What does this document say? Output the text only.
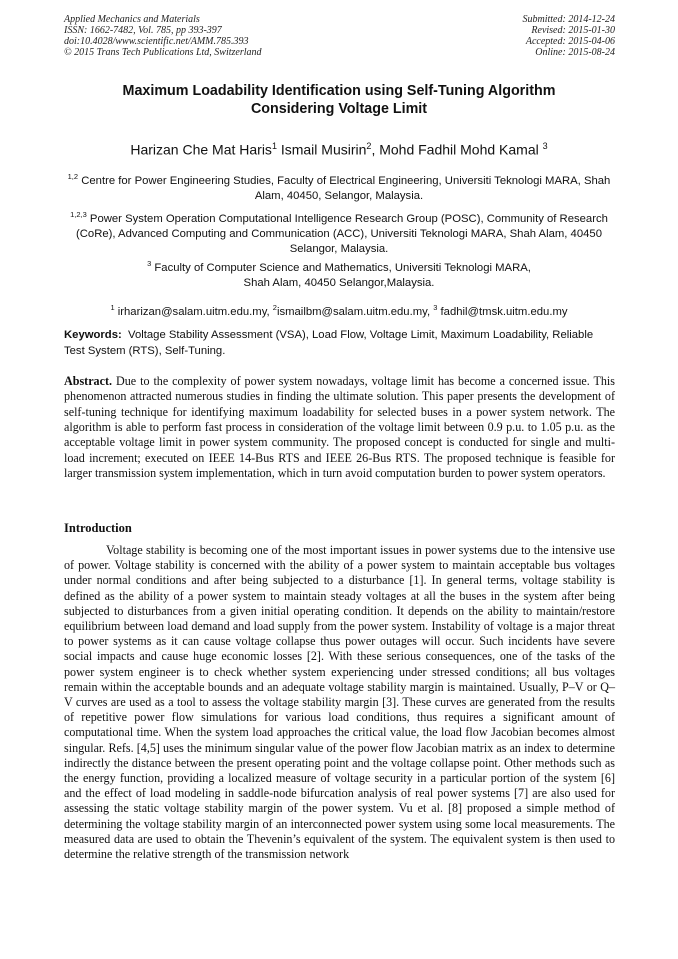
Applied Mechanics and Materials
ISSN: 1662-7482, Vol. 785, pp 393-397
doi:10.4028/www.scientific.net/AMM.785.393
© 2015 Trans Tech Publications Ltd, Switzerland
Submitted: 2014-12-24
Revised: 2015-01-30
Accepted: 2015-04-06
Online: 2015-08-24
Maximum Loadability Identification using Self-Tuning Algorithm
Considering Voltage Limit
Harizan Che Mat Haris$^1$ Ismail Musirin$^2$, Mohd Fadhil Mohd Kamal $^3$
$^{1,2}$ Centre for Power Engineering Studies, Faculty of Electrical Engineering, Universiti Teknologi MARA, Shah Alam, 40450, Selangor, Malaysia.
$^{1,2,3}$ Power System Operation Computational Intelligence Research Group (POSC), Community of Research (CoRe), Advanced Computing and Communication (ACC), Universiti Teknologi MARA, Shah Alam, 40450 Selangor, Malaysia.
$^3$ Faculty of Computer Science and Mathematics, Universiti Teknologi MARA,
Shah Alam, 40450 Selangor,Malaysia.
$^1$ irharizan@salam.uitm.edu.my, $^2$ismailbm@salam.uitm.edu.my, $^3$ fadhil@tmsk.uitm.edu.my
Keywords: Voltage Stability Assessment (VSA), Load Flow, Voltage Limit, Maximum Loadability, Reliable Test System (RTS), Self-Tuning.
Abstract. Due to the complexity of power system nowadays, voltage limit has become a concerned issue. This phenomenon attracted numerous studies in finding the ultimate solution. This paper presents the development of self-tuning technique for identifying maximum loadability for selected buses in a power system network. The algorithm is able to perform fast process in consideration of the voltage limit between 0.9 p.u. to 1.05 p.u. as the acceptable voltage limit in power system community. The proposed concept is conducted for single and multi-load increment; executed on IEEE 14-Bus RTS and IEEE 26-Bus RTS. The proposed technique is feasible for larger transmission system implementation, which in turn avoid computation burden to power system operators.
Introduction
Voltage stability is becoming one of the most important issues in power systems due to the intensive use of power. Voltage stability is concerned with the ability of a power system to maintain acceptable bus voltages under normal conditions and after being subjected to a disturbance [1]. In general terms, voltage stability is defined as the ability of a power system to maintain steady voltages at all the buses in the system after being subjected to disturbances from a given initial operating condition. It depends on the ability to maintain/restore equilibrium between load demand and load supply from the power system. Instability of voltage is a major threat to power systems as it can cause voltage collapse thus power outages will occur. Such incidents have severe social impacts and cause huge economic losses [2]. With these serious consequences, one of the tasks of the power system engineer is to check whether system experiencing under stressed conditions; all bus voltages remain within the acceptable bounds and an adequate voltage stability margin is maintained. Usually, P–V or Q–V curves are used as a tool to assess the voltage stability margin [3]. These curves are generated from the results of repetitive power flow simulations for various load conditions, thus requires a significant amount of computational time. When the system load approaches the critical value, the load flow Jacobian becomes almost singular. Refs. [4,5] uses the minimum singular value of the power flow Jacobian matrix as an index to determine indirectly the distance between the present operating point and the voltage collapse point. Other methods such as the energy function, providing a localized measure of voltage security in a particular portion of the system [6] and the effect of load modeling in saddle-node bifurcation analysis of real power systems [7] are also used for assessing the static voltage stability margin of the power system. Vu et al. [8] proposed a simple method of determining the voltage stability margin of an interconnected power system using some local measurements. The measured data are used to obtain the Thevenin’s equivalent of the system. The equivalent system is then used to determine the relative strength of the transmission network
